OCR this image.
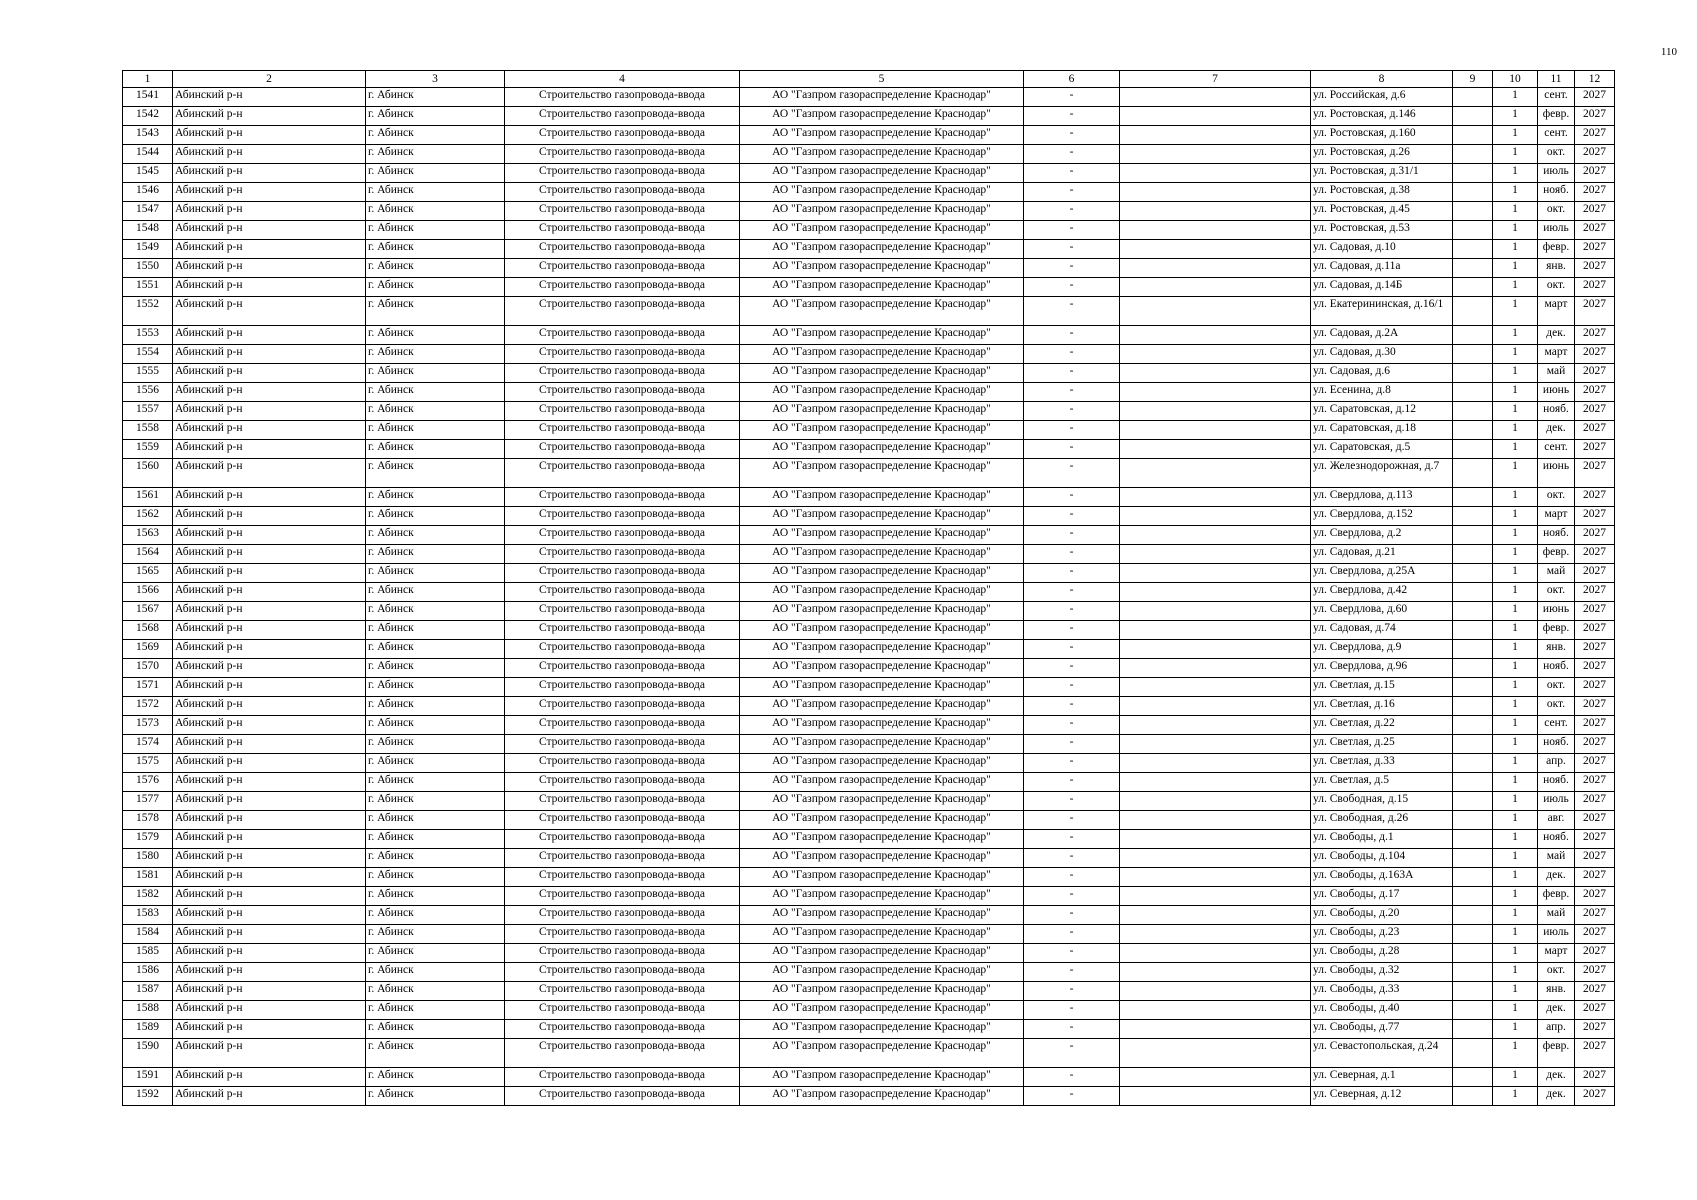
110
1	2	3	4	5	6	7	8	9	10	11	12
1541	Абинский р-н	г. Абинск	Строительство газопровода-ввода	АО "Газпром газораспределение Краснодар"	-		ул. Российская, д.6		1	сент.	2027
1542	Абинский р-н	г. Абинск	Строительство газопровода-ввода	АО "Газпром газораспределение Краснодар"	-		ул. Ростовская, д.146		1	февр.	2027
1543	Абинский р-н	г. Абинск	Строительство газопровода-ввода	АО "Газпром газораспределение Краснодар"	-		ул. Ростовская, д.160		1	сент.	2027
1544	Абинский р-н	г. Абинск	Строительство газопровода-ввода	АО "Газпром газораспределение Краснодар"	-		ул. Ростовская, д.26		1	окт.	2027
1545	Абинский р-н	г. Абинск	Строительство газопровода-ввода	АО "Газпром газораспределение Краснодар"	-		ул. Ростовская, д.31/1		1	июль	2027
1546	Абинский р-н	г. Абинск	Строительство газопровода-ввода	АО "Газпром газораспределение Краснодар"	-		ул. Ростовская, д.38		1	нояб.	2027
1547	Абинский р-н	г. Абинск	Строительство газопровода-ввода	АО "Газпром газораспределение Краснодар"	-		ул. Ростовская, д.45		1	окт.	2027
1548	Абинский р-н	г. Абинск	Строительство газопровода-ввода	АО "Газпром газораспределение Краснодар"	-		ул. Ростовская, д.53		1	июль	2027
1549	Абинский р-н	г. Абинск	Строительство газопровода-ввода	АО "Газпром газораспределение Краснодар"	-		ул. Садовая, д.10		1	февр.	2027
1550	Абинский р-н	г. Абинск	Строительство газопровода-ввода	АО "Газпром газораспределение Краснодар"	-		ул. Садовая, д.11а		1	янв.	2027
1551	Абинский р-н	г. Абинск	Строительство газопровода-ввода	АО "Газпром газораспределение Краснодар"	-		ул. Садовая, д.14Б		1	окт.	2027
1552	Абинский р-н	г. Абинск	Строительство газопровода-ввода	АО "Газпром газораспределение Краснодар"	-		ул. Екатерининская, д.16/1		1	март	2027
1553	Абинский р-н	г. Абинск	Строительство газопровода-ввода	АО "Газпром газораспределение Краснодар"	-		ул. Садовая, д.2А		1	дек.	2027
1554	Абинский р-н	г. Абинск	Строительство газопровода-ввода	АО "Газпром газораспределение Краснодар"	-		ул. Садовая, д.30		1	март	2027
1555	Абинский р-н	г. Абинск	Строительство газопровода-ввода	АО "Газпром газораспределение Краснодар"	-		ул. Садовая, д.6		1	май	2027
1556	Абинский р-н	г. Абинск	Строительство газопровода-ввода	АО "Газпром газораспределение Краснодар"	-		ул. Есенина, д.8		1	июнь	2027
1557	Абинский р-н	г. Абинск	Строительство газопровода-ввода	АО "Газпром газораспределение Краснодар"	-		ул. Саратовская, д.12		1	нояб.	2027
1558	Абинский р-н	г. Абинск	Строительство газопровода-ввода	АО "Газпром газораспределение Краснодар"	-		ул. Саратовская, д.18		1	дек.	2027
1559	Абинский р-н	г. Абинск	Строительство газопровода-ввода	АО "Газпром газораспределение Краснодар"	-		ул. Саратовская, д.5		1	сент.	2027
1560	Абинский р-н	г. Абинск	Строительство газопровода-ввода	АО "Газпром газораспределение Краснодар"	-		ул. Железнодорожная, д.7		1	июнь	2027
1561	Абинский р-н	г. Абинск	Строительство газопровода-ввода	АО "Газпром газораспределение Краснодар"	-		ул. Свердлова, д.113		1	окт.	2027
1562	Абинский р-н	г. Абинск	Строительство газопровода-ввода	АО "Газпром газораспределение Краснодар"	-		ул. Свердлова, д.152		1	март	2027
1563	Абинский р-н	г. Абинск	Строительство газопровода-ввода	АО "Газпром газораспределение Краснодар"	-		ул. Свердлова, д.2		1	нояб.	2027
1564	Абинский р-н	г. Абинск	Строительство газопровода-ввода	АО "Газпром газораспределение Краснодар"	-		ул. Садовая, д.21		1	февр.	2027
1565	Абинский р-н	г. Абинск	Строительство газопровода-ввода	АО "Газпром газораспределение Краснодар"	-		ул. Свердлова, д.25А		1	май	2027
1566	Абинский р-н	г. Абинск	Строительство газопровода-ввода	АО "Газпром газораспределение Краснодар"	-		ул. Свердлова, д.42		1	окт.	2027
1567	Абинский р-н	г. Абинск	Строительство газопровода-ввода	АО "Газпром газораспределение Краснодар"	-		ул. Свердлова, д.60		1	июнь	2027
1568	Абинский р-н	г. Абинск	Строительство газопровода-ввода	АО "Газпром газораспределение Краснодар"	-		ул. Садовая, д.74		1	февр.	2027
1569	Абинский р-н	г. Абинск	Строительство газопровода-ввода	АО "Газпром газораспределение Краснодар"	-		ул. Свердлова, д.9		1	янв.	2027
1570	Абинский р-н	г. Абинск	Строительство газопровода-ввода	АО "Газпром газораспределение Краснодар"	-		ул. Свердлова, д.96		1	нояб.	2027
1571	Абинский р-н	г. Абинск	Строительство газопровода-ввода	АО "Газпром газораспределение Краснодар"	-		ул. Светлая, д.15		1	окт.	2027
1572	Абинский р-н	г. Абинск	Строительство газопровода-ввода	АО "Газпром газораспределение Краснодар"	-		ул. Светлая, д.16		1	окт.	2027
1573	Абинский р-н	г. Абинск	Строительство газопровода-ввода	АО "Газпром газораспределение Краснодар"	-		ул. Светлая, д.22		1	сент.	2027
1574	Абинский р-н	г. Абинск	Строительство газопровода-ввода	АО "Газпром газораспределение Краснодар"	-		ул. Светлая, д.25		1	нояб.	2027
1575	Абинский р-н	г. Абинск	Строительство газопровода-ввода	АО "Газпром газораспределение Краснодар"	-		ул. Светлая, д.33		1	апр.	2027
1576	Абинский р-н	г. Абинск	Строительство газопровода-ввода	АО "Газпром газораспределение Краснодар"	-		ул. Светлая, д.5		1	нояб.	2027
1577	Абинский р-н	г. Абинск	Строительство газопровода-ввода	АО "Газпром газораспределение Краснодар"	-		ул. Свободная, д.15		1	июль	2027
1578	Абинский р-н	г. Абинск	Строительство газопровода-ввода	АО "Газпром газораспределение Краснодар"	-		ул. Свободная, д.26		1	авг.	2027
1579	Абинский р-н	г. Абинск	Строительство газопровода-ввода	АО "Газпром газораспределение Краснодар"	-		ул. Свободы, д.1		1	нояб.	2027
1580	Абинский р-н	г. Абинск	Строительство газопровода-ввода	АО "Газпром газораспределение Краснодар"	-		ул. Свободы, д.104		1	май	2027
1581	Абинский р-н	г. Абинск	Строительство газопровода-ввода	АО "Газпром газораспределение Краснодар"	-		ул. Свободы, д.163А		1	дек.	2027
1582	Абинский р-н	г. Абинск	Строительство газопровода-ввода	АО "Газпром газораспределение Краснодар"	-		ул. Свободы, д.17		1	февр.	2027
1583	Абинский р-н	г. Абинск	Строительство газопровода-ввода	АО "Газпром газораспределение Краснодар"	-		ул. Свободы, д.20		1	май	2027
1584	Абинский р-н	г. Абинск	Строительство газопровода-ввода	АО "Газпром газораспределение Краснодар"	-		ул. Свободы, д.23		1	июль	2027
1585	Абинский р-н	г. Абинск	Строительство газопровода-ввода	АО "Газпром газораспределение Краснодар"	-		ул. Свободы, д.28		1	март	2027
1586	Абинский р-н	г. Абинск	Строительство газопровода-ввода	АО "Газпром газораспределение Краснодар"	-		ул. Свободы, д.32		1	окт.	2027
1587	Абинский р-н	г. Абинск	Строительство газопровода-ввода	АО "Газпром газораспределение Краснодар"	-		ул. Свободы, д.33		1	янв.	2027
1588	Абинский р-н	г. Абинск	Строительство газопровода-ввода	АО "Газпром газораспределение Краснодар"	-		ул. Свободы, д.40		1	дек.	2027
1589	Абинский р-н	г. Абинск	Строительство газопровода-ввода	АО "Газпром газораспределение Краснодар"	-		ул. Свободы, д.77		1	апр.	2027
1590	Абинский р-н	г. Абинск	Строительство газопровода-ввода	АО "Газпром газораспределение Краснодар"	-		ул. Севастопольская, д.24		1	февр.	2027
1591	Абинский р-н	г. Абинск	Строительство газопровода-ввода	АО "Газпром газораспределение Краснодар"	-		ул. Северная, д.1		1	дек.	2027
1592	Абинский р-н	г. Абинск	Строительство газопровода-ввода	АО "Газпром газораспределение Краснодар"	-		ул. Северная, д.12		1	дек.	2027
